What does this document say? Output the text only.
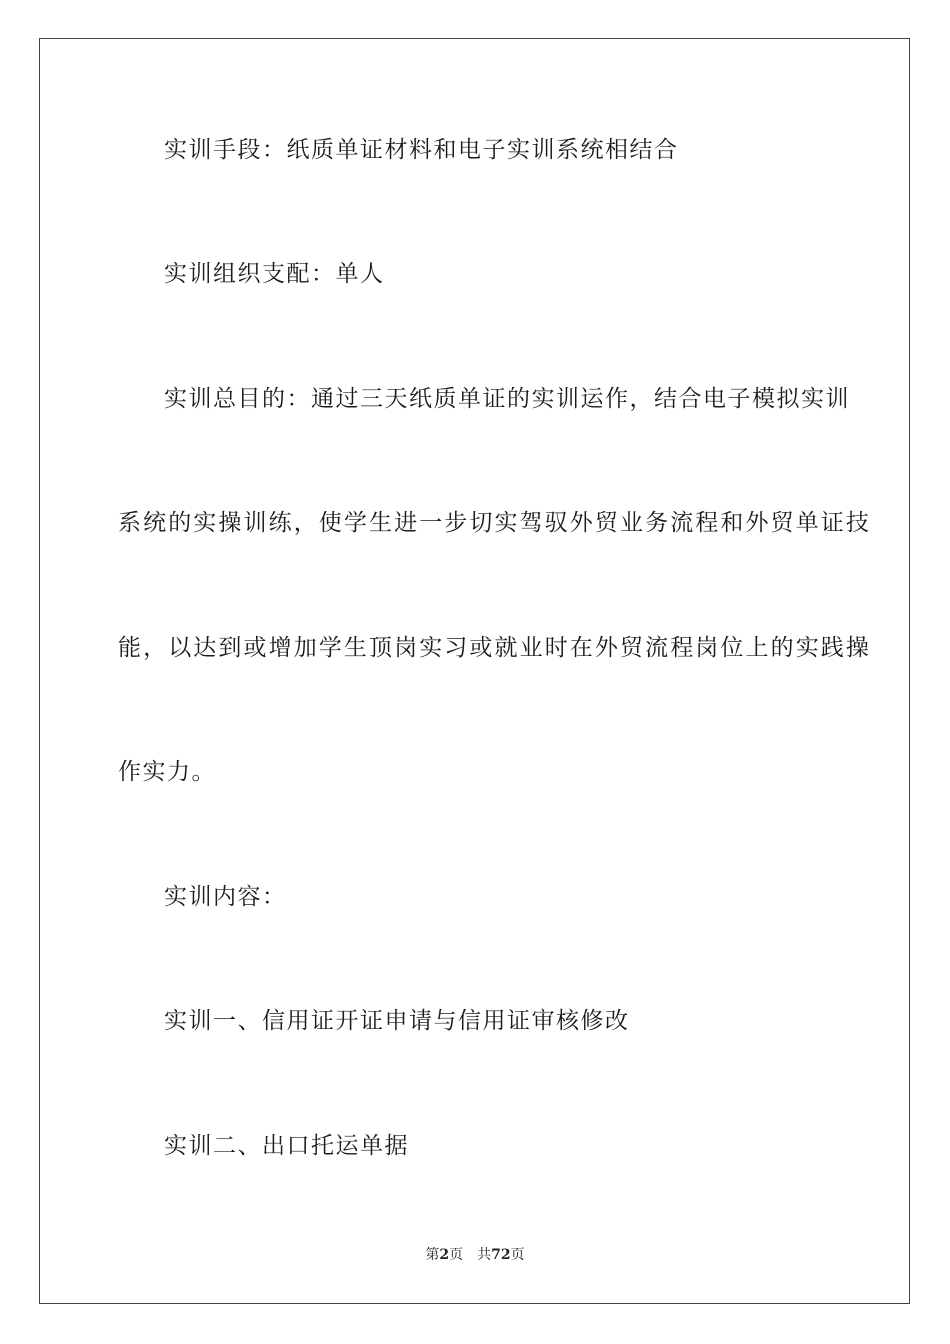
实训手段：纸质单证材料和电子实训系统相结合
实训组织支配：单人
实训总目的：通过三天纸质单证的实训运作，结合电子模拟实训
系统的实操训练，使学生进一步切实驾驭外贸业务流程和外贸单证技
能，以达到或增加学生顶岗实习或就业时在外贸流程岗位上的实践操
作实力。
实训内容：
实训一、信用证开证申请与信用证审核修改
实训二、出口托运单据
第2页 共72页
